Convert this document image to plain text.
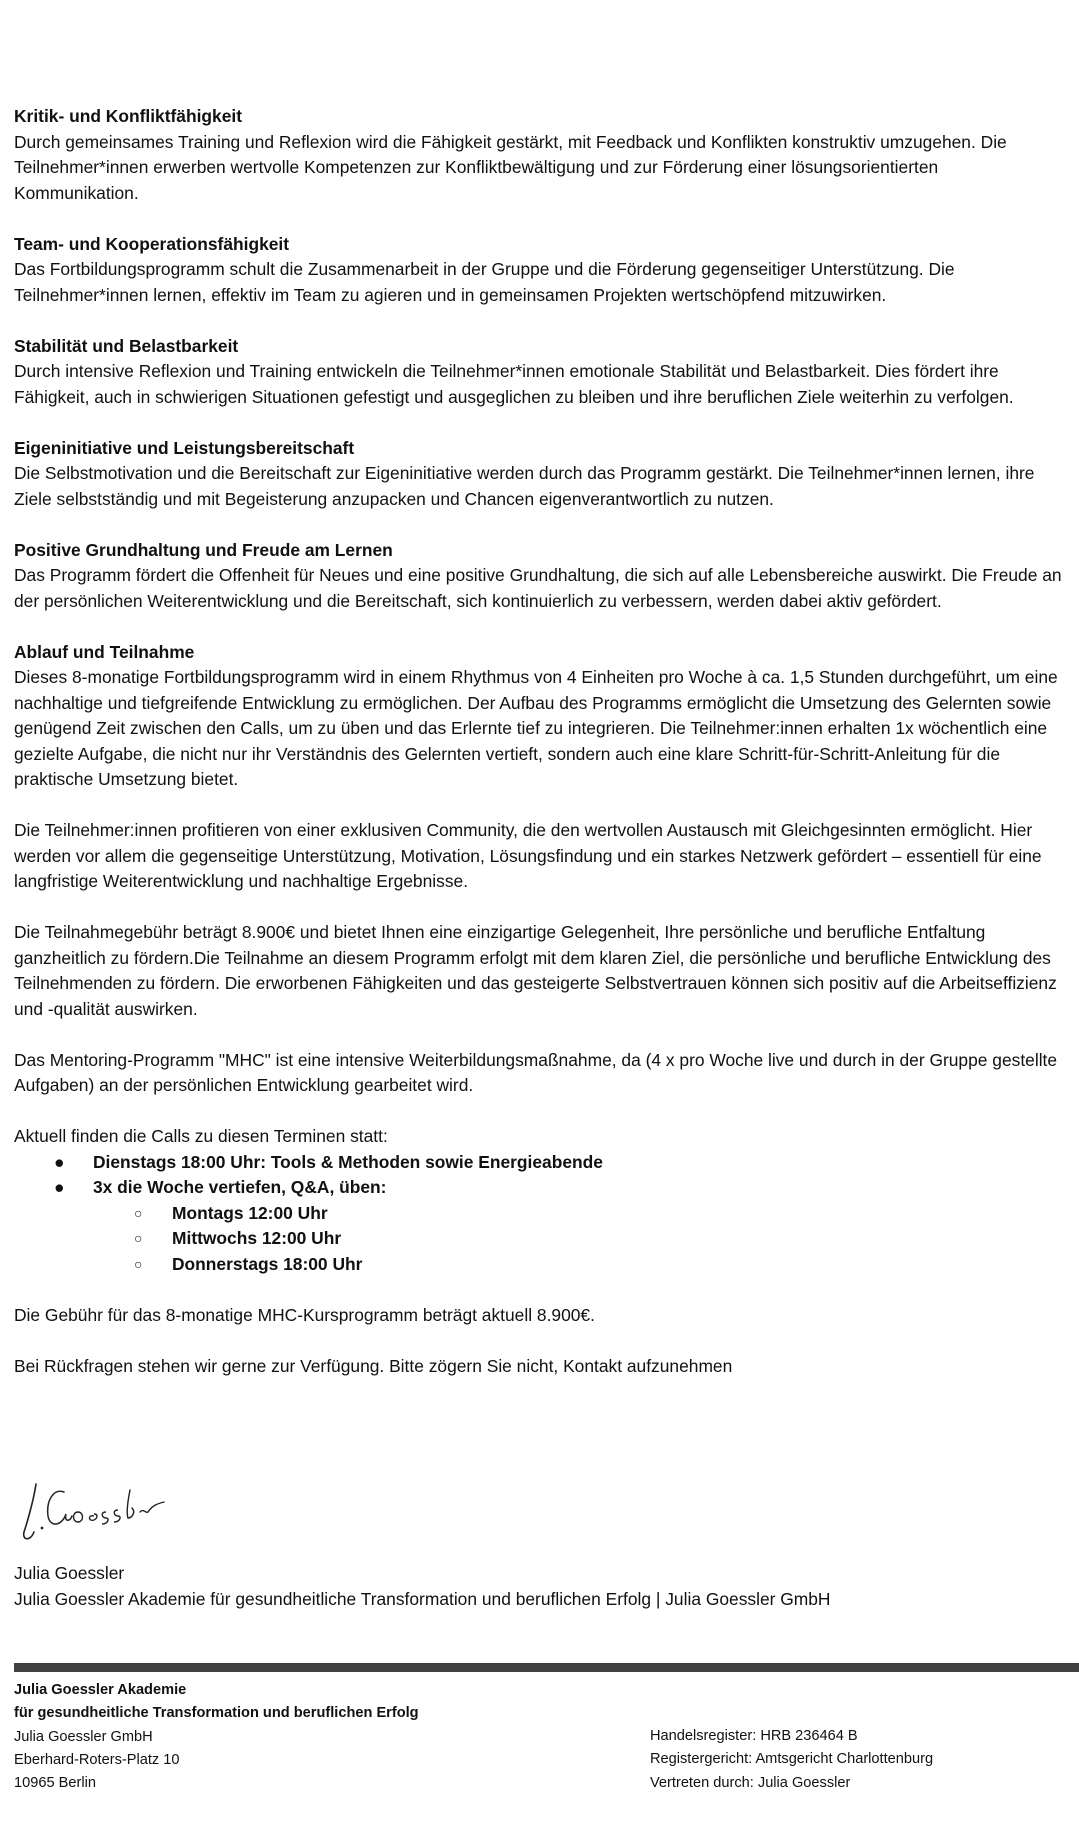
Kritik- und Konfliktfähigkeit

Durch gemeinsames Training und Reflexion wird die Fähigkeit gestärkt, mit Feedback und Konflikten konstruktiv umzugehen. Die Teilnehmer*innen erwerben wertvolle Kompetenzen zur Konfliktbewältigung und zur Förderung einer lösungsorientierten Kommunikation.

Team- und Kooperationsfähigkeit

Das Fortbildungsprogramm schult die Zusammenarbeit in der Gruppe und die Förderung gegenseitiger Unterstützung. Die Teilnehmer*innen lernen, effektiv im Team zu agieren und in gemeinsamen Projekten wertschöpfend mitzuwirken.

Stabilität und Belastbarkeit

Durch intensive Reflexion und Training entwickeln die Teilnehmer*innen emotionale Stabilität und Belastbarkeit. Dies fördert ihre Fähigkeit, auch in schwierigen Situationen gefestigt und ausgeglichen zu bleiben und ihre beruflichen Ziele weiterhin zu verfolgen.

Eigeninitiative und Leistungsbereitschaft

Die Selbstmotivation und die Bereitschaft zur Eigeninitiative werden durch das Programm gestärkt. Die Teilnehmer*innen lernen, ihre Ziele selbstständig und mit Begeisterung anzupacken und Chancen eigenverantwortlich zu nutzen.

Positive Grundhaltung und Freude am Lernen

Das Programm fördert die Offenheit für Neues und eine positive Grundhaltung, die sich auf alle Lebensbereiche auswirkt. Die Freude an der persönlichen Weiterentwicklung und die Bereitschaft, sich kontinuierlich zu verbessern, werden dabei aktiv gefördert.

Ablauf und Teilnahme

Dieses 8-monatige Fortbildungsprogramm wird in einem Rhythmus von 4 Einheiten pro Woche à ca. 1,5 Stunden durchgeführt, um eine nachhaltige und tiefgreifende Entwicklung zu ermöglichen. Der Aufbau des Programms ermöglicht die Umsetzung des Gelernten sowie genügend Zeit zwischen den Calls, um zu üben und das Erlernte tief zu integrieren. Die Teilnehmer:innen erhalten 1x wöchentlich eine gezielte Aufgabe, die nicht nur ihr Verständnis des Gelernten vertieft, sondern auch eine klare Schritt-für-Schritt-Anleitung für die praktische Umsetzung bietet.

Die Teilnehmer:innen profitieren von einer exklusiven Community, die den wertvollen Austausch mit Gleichgesinnten ermöglicht. Hier werden vor allem die gegenseitige Unterstützung, Motivation, Lösungsfindung und ein starkes Netzwerk gefördert – essentiell für eine langfristige Weiterentwicklung und nachhaltige Ergebnisse.

Die Teilnahmegebühr beträgt 8.900€ und bietet Ihnen eine einzigartige Gelegenheit, Ihre persönliche und berufliche Entfaltung ganzheitlich zu fördern.Die Teilnahme an diesem Programm erfolgt mit dem klaren Ziel, die persönliche und berufliche Entwicklung des Teilnehmenden zu fördern. Die erworbenen Fähigkeiten und das gesteigerte Selbstvertrauen können sich positiv auf die Arbeitseffizienz und -qualität auswirken.

Das Mentoring-Programm "MHC" ist eine intensive Weiterbildungsmaßnahme, da (4 x pro Woche live und durch in der Gruppe gestellte Aufgaben) an der persönlichen Entwicklung gearbeitet wird.

Aktuell finden die Calls zu diesen Terminen statt:

● Dienstags 18:00 Uhr: Tools & Methoden sowie Energieabende
● 3x die Woche vertiefen, Q&A, üben:
○	Montags 12:00 Uhr
○	Mittwochs 12:00 Uhr
○	Donnerstags 18:00 Uhr

Die Gebühr für das 8-monatige MHC-Kursprogramm beträgt aktuell 8.900€.

Bei Rückfragen stehen wir gerne zur Verfügung. Bitte zögern Sie nicht, Kontakt aufzunehmen

Julia Goessler

Julia Goessler Akademie für gesundheitliche Transformation und beruflichen Erfolg | Julia Goessler GmbH

Julia Goessler Akademie

für gesundheitliche Transformation und beruflichen Erfolg

Julia Goessler GmbH

Eberhard-Roters-Platz 10

10965 Berlin

Handelsregister: HRB 236464 B

Registergericht: Amtsgericht Charlottenburg

Vertreten durch: Julia Goessler
